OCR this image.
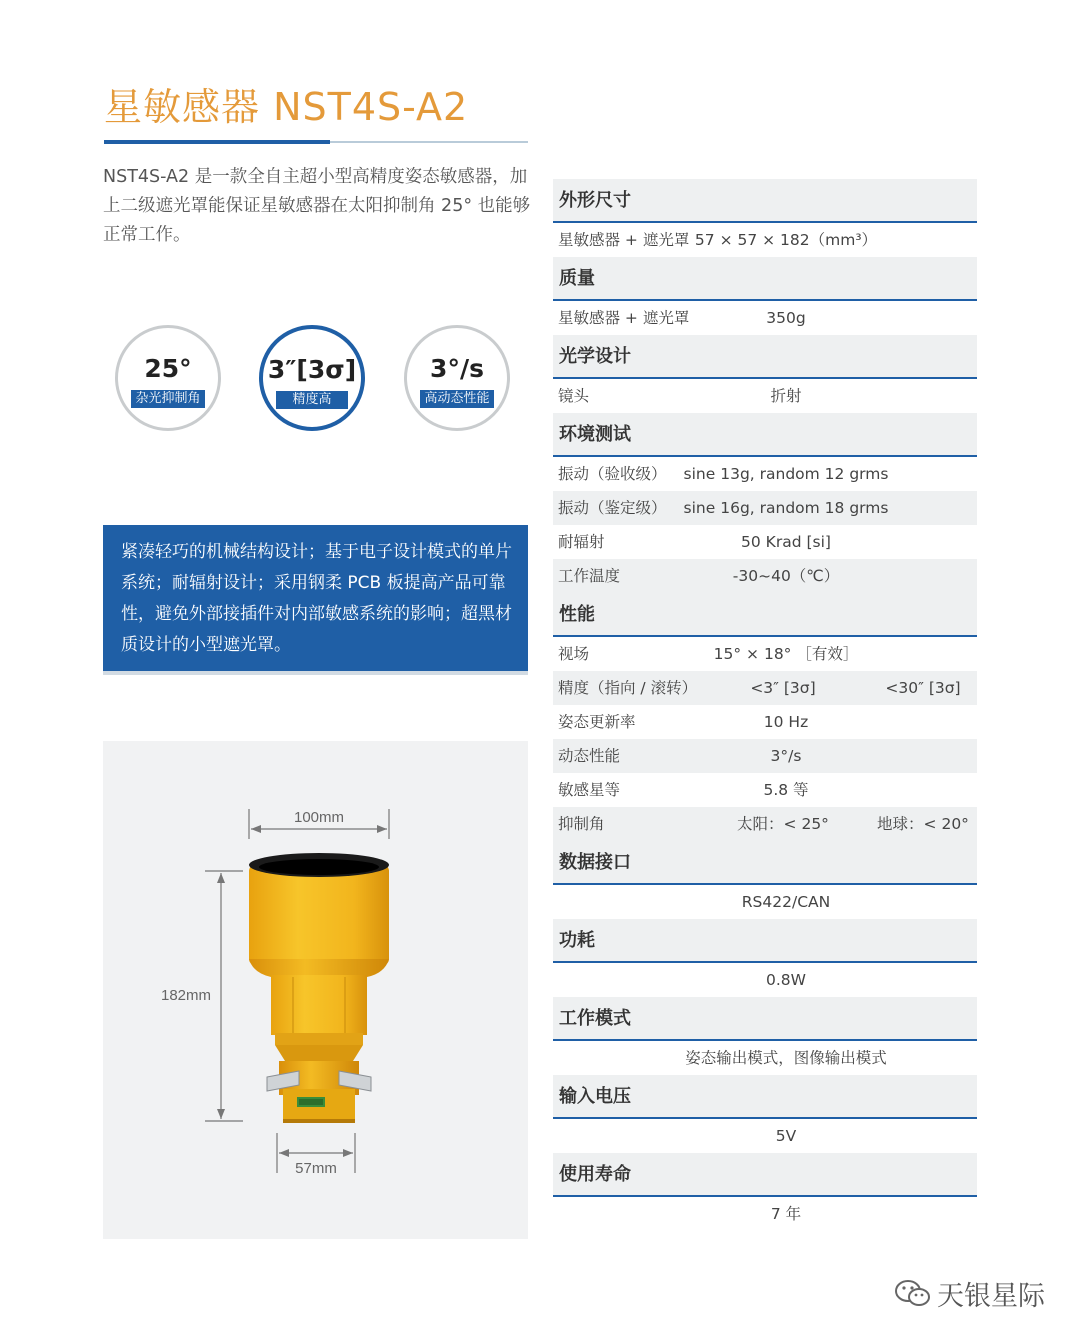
星敏感器 NST4S-A2
NST4S-A2 是一款全自主超小型高精度姿态敏感器，加上二级遮光罩能保证星敏感器在太阳抑制角 25° 也能够正常工作。
25°
杂光抑制角
3″[3σ]
精度高
3°/s
高动态性能
紧凑轻巧的机械结构设计；基于电子设计模式的单片系统；耐辐射设计；采用钢柔 PCB 板提高产品可靠性，避免外部接插件对内部敏感系统的影响；超黑材质设计的小型遮光罩。
100mm
182mm
57mm
外形尺寸
星敏感器 + 遮光罩 57 × 57 × 182（mm³）
质量
星敏感器 + 遮光罩	350g
光学设计
镜头	折射
环境测试
振动（验收级） sine 13g, random 12 grms
振动（鉴定级） sine 16g, random 18 grms
耐辐射	50 Krad [si]
工作温度	-30~40（℃）
性能
视场	15° × 18° ［有效］
精度（指向 / 滚转）	<3″ [3σ]	<30″ [3σ]
姿态更新率	10 Hz
动态性能	3°/s
敏感星等	5.8 等
抑制角	太阳：< 25°	地球：< 20°
数据接口
RS422/CAN
功耗
0.8W
工作模式
姿态输出模式，图像输出模式
输入电压
5V
使用寿命
7 年
天银星际
